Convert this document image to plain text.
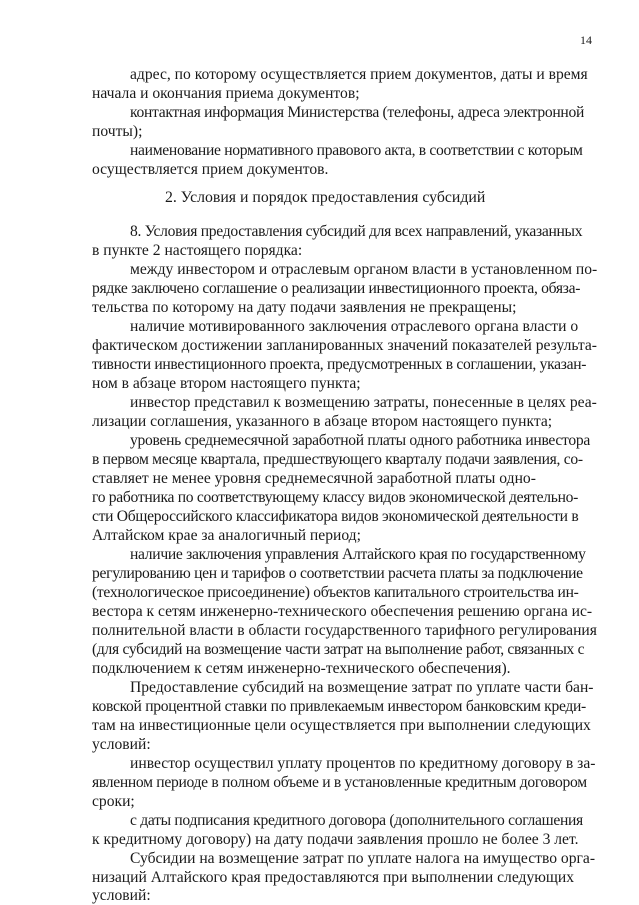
14
адрес, по которому осуществляется прием документов, даты и время
начала и окончания приема документов;
контактная информация Министерства (телефоны, адреса электронной
почты);
наименование нормативного правового акта, в соответствии с которым
осуществляется прием документов.
2. Условия и порядок предоставления субсидий
8. Условия предоставления субсидий для всех направлений, указанных
в пункте 2 настоящего порядка:
между инвестором и отраслевым органом власти в установленном по-
рядке заключено соглашение о реализации инвестиционного проекта, обяза-
тельства по которому на дату подачи заявления не прекращены;
наличие мотивированного заключения отраслевого органа власти о
фактическом достижении запланированных значений показателей результа-
тивности инвестиционного проекта, предусмотренных в соглашении, указан-
ном в абзаце втором настоящего пункта;
инвестор представил к возмещению затраты, понесенные в целях реа-
лизации соглашения, указанного в абзаце втором настоящего пункта;
уровень среднемесячной заработной платы одного работника инвестора
в первом месяце квартала, предшествующего кварталу подачи заявления, со-
ставляет не менее уровня среднемесячной заработной платы одно-
го работника по соответствующему классу видов экономической деятельно-
сти Общероссийского классификатора видов экономической деятельности в
Алтайском крае за аналогичный период;
наличие заключения управления Алтайского края по государственному
регулированию цен и тарифов о соответствии расчета платы за подключение
(технологическое присоединение) объектов капитального строительства ин-
вестора к сетям инженерно-технического обеспечения решению органа ис-
полнительной власти в области государственного тарифного регулирования
(для субсидий на возмещение части затрат на выполнение работ, связанных с
подключением к сетям инженерно-технического обеспечения).
Предоставление субсидий на возмещение затрат по уплате части бан-
ковской процентной ставки по привлекаемым инвестором банковским креди-
там на инвестиционные цели осуществляется при выполнении следующих
условий:
инвестор осуществил уплату процентов по кредитному договору в за-
явленном периоде в полном объеме и в установленные кредитным договором
сроки;
с даты подписания кредитного договора (дополнительного соглашения
к кредитному договору) на дату подачи заявления прошло не более 3 лет.
Субсидии на возмещение затрат по уплате налога на имущество орга-
низаций Алтайского края предоставляются при выполнении следующих
условий:
